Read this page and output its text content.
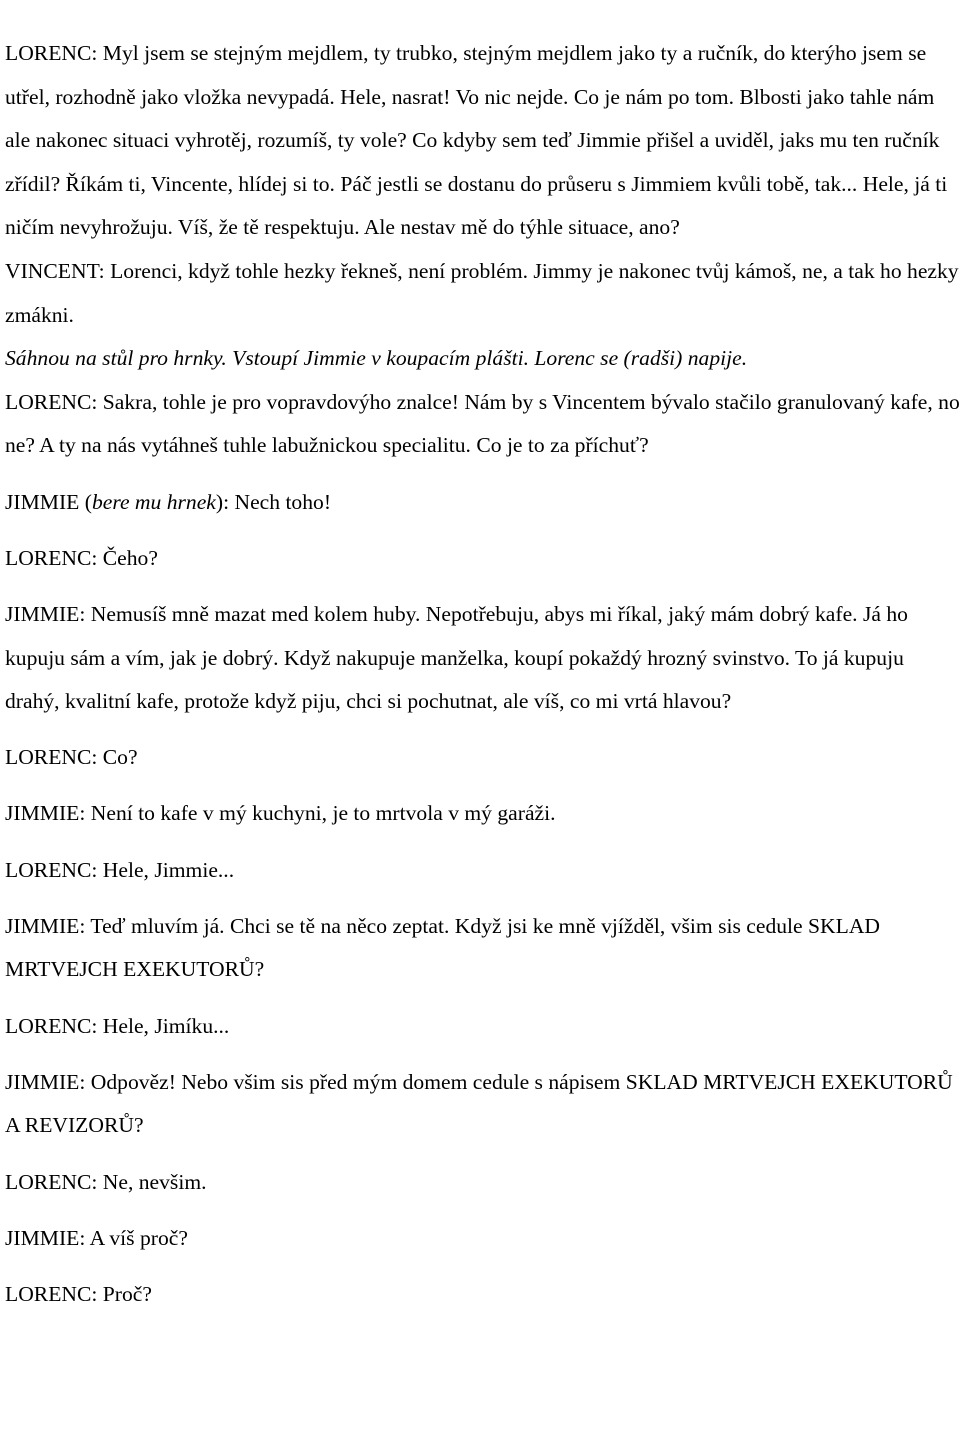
LORENC: Myl jsem se stejným mejdlem, ty trubko, stejným mejdlem jako ty a ručník, do kterýho jsem se utřel, rozhodně jako vložka nevypadá. Hele, nasrat! Vo nic nejde. Co je nám po tom. Blbosti jako tahle nám ale nakonec situaci vyhrotěj, rozumíš, ty vole? Co kdyby sem teď Jimmie přišel a uviděl, jaks mu ten ručník zřídil? Říkám ti, Vincente, hlídej si to. Páč jestli se dostanu do průseru s Jimmiem kvůli tobě, tak... Hele, já ti ničím nevyhrožuju. Víš, že tě respektuju. Ale nestav mě do týhle situace, ano?

VINCENT: Lorenci, když tohle hezky řekneš, není problém. Jimmy je nakonec tvůj kámoš, ne, a tak ho hezky zmákni.

Sáhnou na stůl pro hrnky. Vstoupí Jimmie v koupacím plášti. Lorenc se (radši) napije.

LORENC: Sakra, tohle je pro vopravdovýho znalce! Nám by s Vincentem bývalo stačilo granulovaný kafe, no ne? A ty na nás vytáhneš tuhle labužnickou specialitu. Co je to za příchuť?

JIMMIE (bere mu hrnek): Nech toho!

LORENC: Čeho?

JIMMIE: Nemusíš mně mazat med kolem huby. Nepotřebuju, abys mi říkal, jaký mám dobrý kafe. Já ho kupuju sám a vím, jak je dobrý. Když nakupuje manželka, koupí pokaždý hrozný svinstvo. To já kupuju drahý, kvalitní kafe, protože když piju, chci si pochutnat, ale víš, co mi vrtá hlavou?

LORENC: Co?

JIMMIE: Není to kafe v mý kuchyni, je to mrtvola v mý garáži.

LORENC: Hele, Jimmie...

JIMMIE: Teď mluvím já. Chci se tě na něco zeptat. Když jsi ke mně vjížděl, všim sis cedule SKLAD MRTVEJCH EXEKUTORŮ?

LORENC: Hele, Jimíku...

JIMMIE: Odpověz! Nebo všim sis před mým domem cedule s nápisem SKLAD MRTVEJCH EXEKUTORŮ A REVIZORŮ?

LORENC: Ne, nevšim.

JIMMIE: A víš proč?

LORENC: Proč?
